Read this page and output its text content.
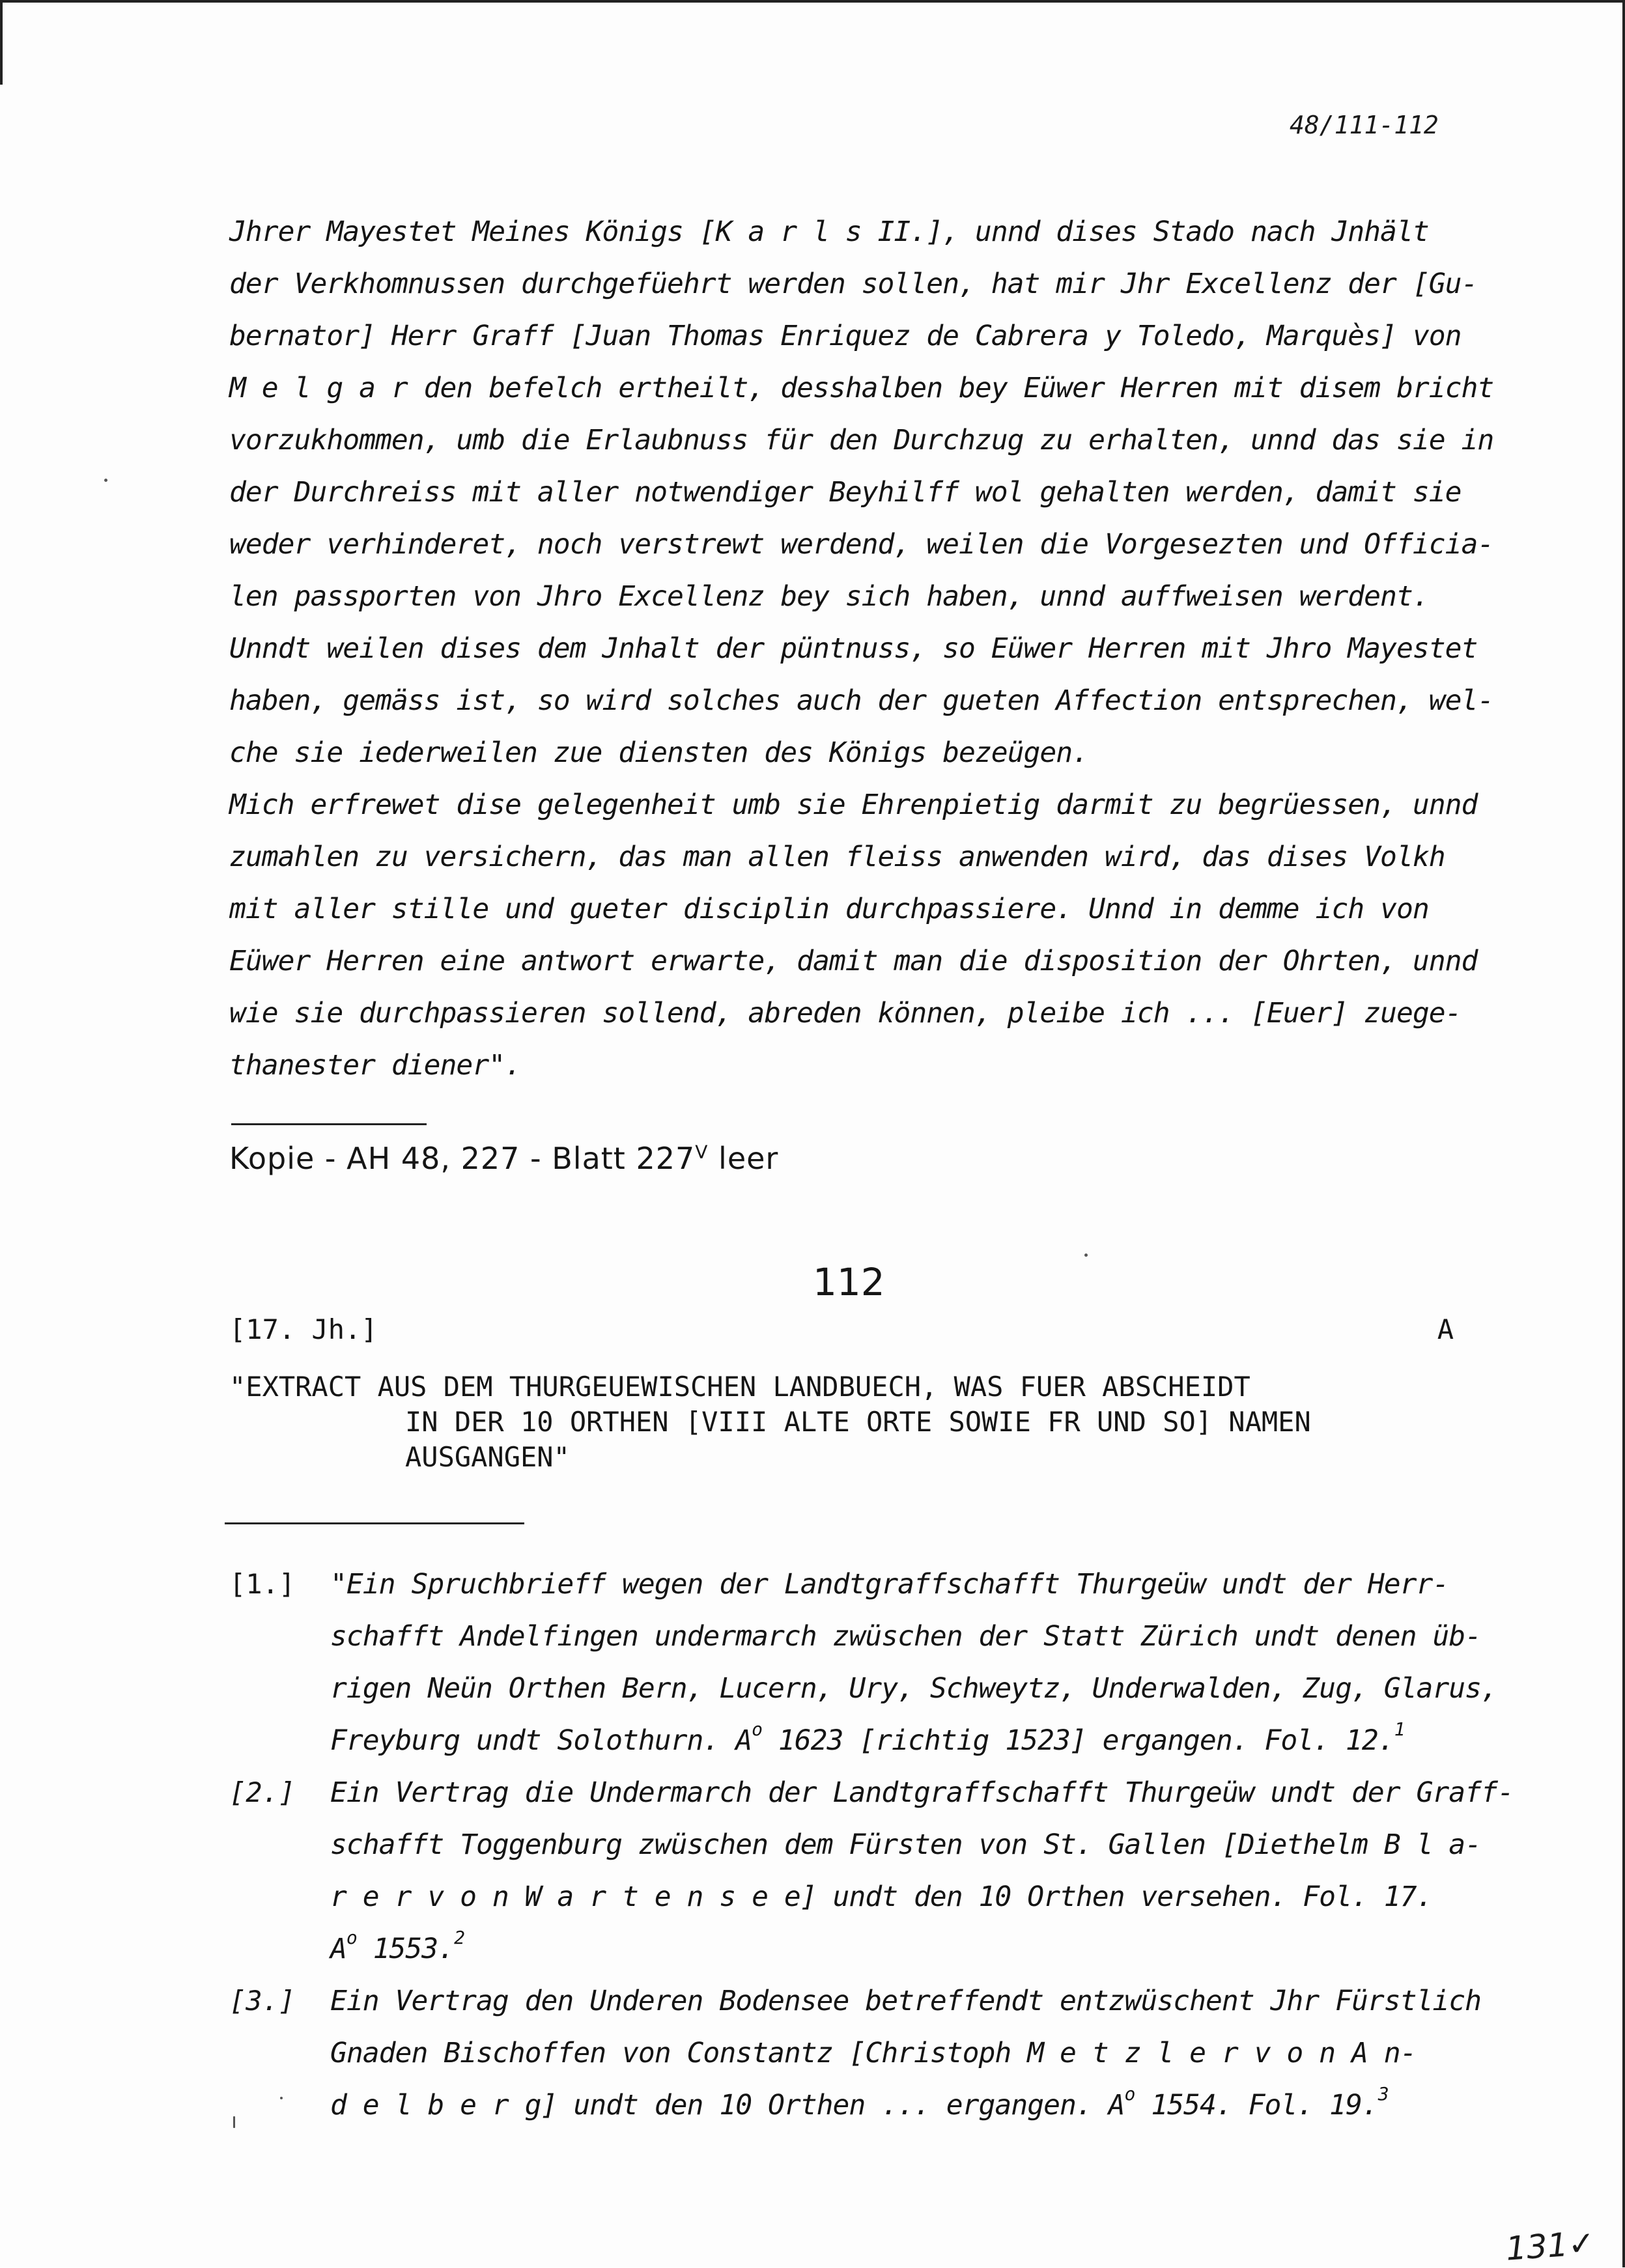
48/111-112
Jhrer Mayestet Meines Königs [K a r l s II.], unnd dises Stado nach Jnhält
der Verkhomnussen durchgefüehrt werden sollen, hat mir Jhr Excellenz der [Gu-
bernator] Herr Graff [Juan Thomas Enriquez de Cabrera y Toledo, Marquès] von
M e l g a r den befelch ertheilt, desshalben bey Eüwer Herren mit disem bricht
vorzukhommen, umb die Erlaubnuss für den Durchzug zu erhalten, unnd das sie in
der Durchreiss mit aller notwendiger Beyhilff wol gehalten werden, damit sie
weder verhinderet, noch verstrewt werdend, weilen die Vorgesezten und Officia-
len passporten von Jhro Excellenz bey sich haben, unnd auffweisen werdent.
Unndt weilen dises dem Jnhalt der püntnuss, so Eüwer Herren mit Jhro Mayestet
haben, gemäss ist, so wird solches auch der gueten Affection entsprechen, wel-
che sie iederweilen zue diensten des Königs bezeügen.
Mich erfrewet dise gelegenheit umb sie Ehrenpietig darmit zu begrüessen, unnd
zumahlen zu versichern, das man allen fleiss anwenden wird, das dises Volkh
mit aller stille und gueter disciplin durchpassiere. Unnd in demme ich von
Eüwer Herren eine antwort erwarte, damit man die disposition der Ohrten, unnd
wie sie durchpassieren sollend, abreden können, pleibe ich ... [Euer] zuege-
thanester diener".
Kopie - AH 48, 227 - Blatt $227^V$ leer
112
[17. Jh.]	A
"EXTRACT AUS DEM THURGEUEWISCHEN LANDBUECH, WAS FUER ABSCHEIDT
IN DER 10 ORTHEN [VIII ALTE ORTE SOWIE FR UND SO] NAMEN
AUSGANGEN"
[1.] "Ein Spruchbrieff wegen der Landtgraffschafft Thurgeüw undt der Herr-
schafft Andelfingen undermarch zwüschen der Statt Zürich undt denen üb-
rigen Neün Orthen Bern, Lucern, Ury, Schweytz, Underwalden, Zug, Glarus,
Freyburg undt Solothurn. $A^o$ 1623 [richtig 1523] ergangen. Fol. 12.$^1$
[2.] Ein Vertrag die Undermarch der Landtgraffschafft Thurgeüw undt der Graff-
schafft Toggenburg zwüschen dem Fürsten von St. Gallen [Diethelm B l a-
r e r v o n W a r t e n s e e] undt den 10 Orthen versehen. Fol. 17.
$A^o$ 1553.$^2$
[3.] Ein Vertrag den Underen Bodensee betreffendt entzwüschent Jhr Fürstlich
Gnaden Bischoffen von Constantz [Christoph M e t z l e r v o n A n-
d e l b e r g] undt den 10 Orthen ... ergangen. $A^o$ 1554. Fol. 19.$^3$
131✓
